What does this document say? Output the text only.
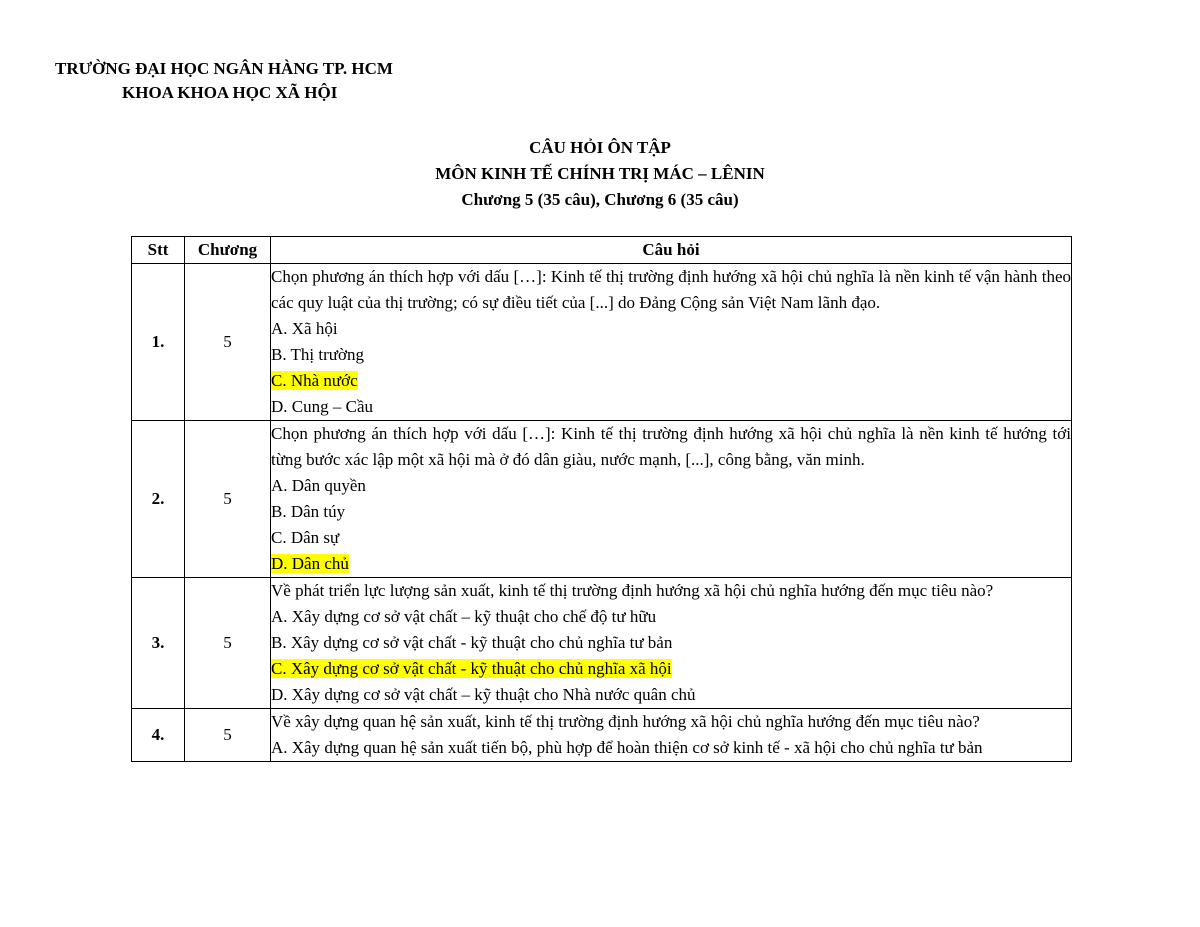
TRƯỜNG ĐẠI HỌC NGÂN HÀNG TP. HCM
KHOA KHOA HỌC XÃ HỘI
CÂU HỎI ÔN TẬP
MÔN KINH TẾ CHÍNH TRỊ MÁC – LÊNIN
Chương 5 (35 câu), Chương 6 (35 câu)
Stt	Chương	Câu hỏi
1.	5	Chọn phương án thích hợp với dấu […]: Kinh tế thị trường định hướng xã hội chủ nghĩa là nền kinh tế vận hành theo các quy luật của thị trường; có sự điều tiết của [...] do Đảng Cộng sản Việt Nam lãnh đạo.
A. Xã hội
B. Thị trường
C. Nhà nước
D. Cung – Cầu

2.	5	Chọn phương án thích hợp với dấu […]: Kinh tế thị trường định hướng xã hội chủ nghĩa là nền kinh tế hướng tới từng bước xác lập một xã hội mà ở đó dân giàu, nước mạnh, [...], công bằng, văn minh.
A. Dân quyền
B. Dân túy
C. Dân sự
D. Dân chủ

3.	5	Về phát triển lực lượng sản xuất, kinh tế thị trường định hướng xã hội chủ nghĩa hướng đến mục tiêu nào?
A. Xây dựng cơ sở vật chất – kỹ thuật cho chế độ tư hữu
B. Xây dựng cơ sở vật chất - kỹ thuật cho chủ nghĩa tư bản
C. Xây dựng cơ sở vật chất - kỹ thuật cho chủ nghĩa xã hội
D. Xây dựng cơ sở vật chất – kỹ thuật cho Nhà nước quân chủ

4.	5	Về xây dựng quan hệ sản xuất, kinh tế thị trường định hướng xã hội chủ nghĩa hướng đến mục tiêu nào?
A. Xây dựng quan hệ sản xuất tiến bộ, phù hợp để hoàn thiện cơ sở kinh tế - xã hội cho chủ nghĩa tư bản
